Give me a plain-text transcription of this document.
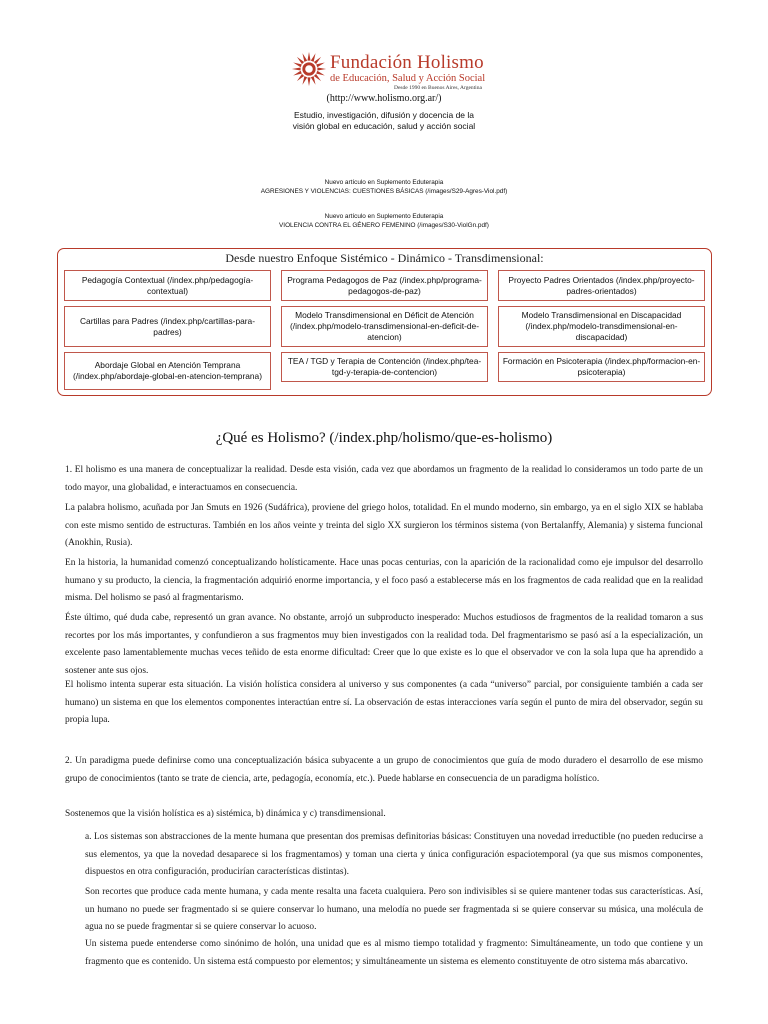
Fundación Holismo
de Educación, Salud y Acción Social
Desde 1990 en Buenos Aires, Argentina
(http://www.holismo.org.ar/)
Estudio, investigación, difusión y docencia de la
visión global en educación, salud y acción social
Nuevo artículo en Suplemento Eduterapia
AGRESIONES Y VIOLENCIAS: CUESTIONES BÁSICAS (/images/S29-Agres-Viol.pdf)
Nuevo artículo en Suplemento Eduterapia
VIOLENCIA CONTRA EL GÉNERO FEMENINO (/images/S30-ViolGn.pdf)
Desde nuestro Enfoque Sistémico - Dinámico - Transdimensional:
Pedagogía Contextual (/index.php/pedagogía-contextual)
Programa Pedagogos de Paz (/index.php/programa-pedagogos-de-paz)
Proyecto Padres Orientados (/index.php/proyecto-padres-orientados)
Cartillas para Padres (/index.php/cartillas-para-padres)
Modelo Transdimensional en Déficit de Atención (/index.php/modelo-transdimensional-en-deficit-de-atencion)
Modelo Transdimensional en Discapacidad (/index.php/modelo-transdimensional-en-discapacidad)
Abordaje Global en Atención Temprana (/index.php/abordaje-global-en-atencion-temprana)
TEA / TGD y Terapia de Contención (/index.php/tea-tgd-y-terapia-de-contencion)
Formación en Psicoterapia (/index.php/formacion-en-psicoterapia)
¿Qué es Holismo? (/index.php/holismo/que-es-holismo)

1. El holismo es una manera de conceptualizar la realidad. Desde esta visión, cada vez que abordamos un fragmento de la realidad lo consideramos un todo parte de un todo mayor, una globalidad, e interactuamos en consecuencia.

La palabra holismo, acuñada por Jan Smuts en 1926 (Sudáfrica), proviene del griego holos, totalidad. En el mundo moderno, sin embargo, ya en el siglo XIX se hablaba con este mismo sentido de estructuras. También en los años veinte y treinta del siglo XX surgieron los términos sistema (von Bertalanffy, Alemania) y sistema funcional (Anokhin, Rusia).

En la historia, la humanidad comenzó conceptualizando holísticamente. Hace unas pocas centurias, con la aparición de la racionalidad como eje impulsor del desarrollo humano y su producto, la ciencia, la fragmentación adquirió enorme importancia, y el foco pasó a establecerse más en los fragmentos de cada realidad que en la realidad misma. Del holismo se pasó al fragmentarismo.

Éste último, qué duda cabe, representó un gran avance. No obstante, arrojó un subproducto inesperado: Muchos estudiosos de fragmentos de la realidad tomaron a sus recortes por los más importantes, y confundieron a sus fragmentos muy bien investigados con la realidad toda. Del fragmentarismo se pasó así a la especialización, un excelente paso lamentablemente muchas veces teñido de esta enorme dificultad: Creer que lo que existe es lo que el observador ve con la sola lupa que ha aprendido a sostener ante sus ojos.

El holismo intenta superar esta situación. La visión holística considera al universo y sus componentes (a cada “universo” parcial, por consiguiente también a cada ser humano) un sistema en que los elementos componentes interactúan entre sí. La observación de estas interacciones varía según el punto de mira del observador, según su propia lupa.

2. Un paradigma puede definirse como una conceptualización básica subyacente a un grupo de conocimientos que guía de modo duradero el desarrollo de ese mismo grupo de conocimientos (tanto se trate de ciencia, arte, pedagogía, economía, etc.). Puede hablarse en consecuencia de un paradigma holístico.

Sostenemos que la visión holística es a) sistémica, b) dinámica y c) transdimensional.

a. Los sistemas son abstracciones de la mente humana que presentan dos premisas definitorias básicas: Constituyen una novedad irreductible (no pueden reducirse a sus elementos, ya que la novedad desaparece si los fragmentamos) y toman una cierta y única configuración espaciotemporal (ya que sus mismos componentes, dispuestos en otra configuración, producirían características distintas).

Son recortes que produce cada mente humana, y cada mente resalta una faceta cualquiera. Pero son indivisibles si se quiere mantener todas sus características. Así, un humano no puede ser fragmentado si se quiere conservar lo humano, una melodía no puede ser fragmentada si se quiere conservar su música, una molécula de agua no se puede fragmentar si se quiere conservar lo acuoso.

Un sistema puede entenderse como sinónimo de holón, una unidad que es al mismo tiempo totalidad y fragmento: Simultáneamente, un todo que contiene y un fragmento que es contenido. Un sistema está compuesto por elementos; y simultáneamente un sistema es elemento constituyente de otro sistema más abarcativo.
